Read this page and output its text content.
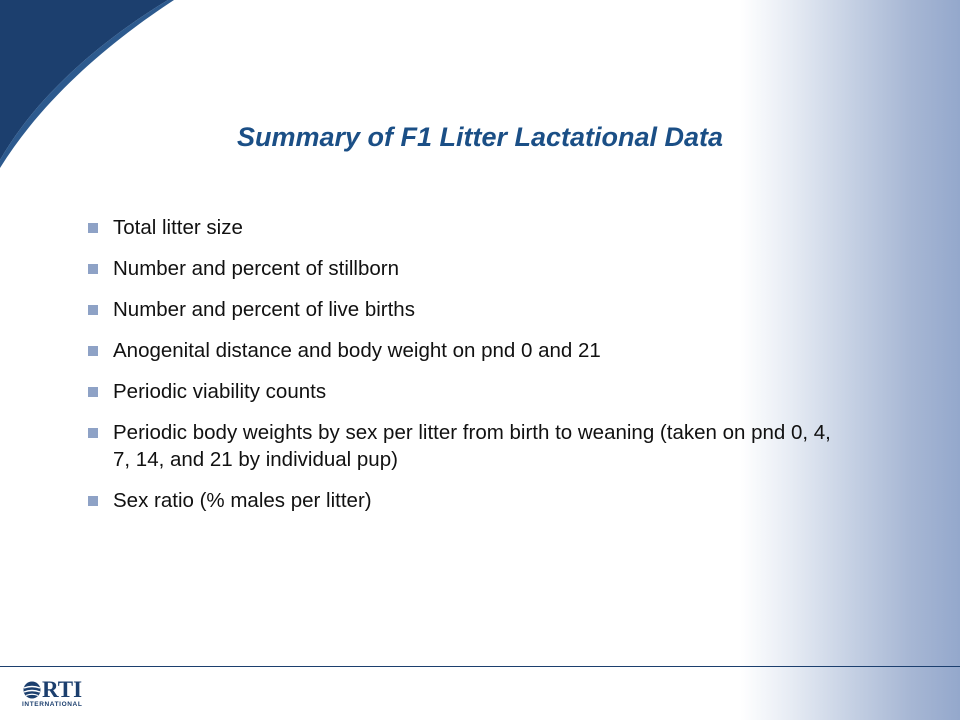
Summary of F1 Litter Lactational Data
Total litter size
Number and percent of stillborn
Number and percent of live births
Anogenital distance and body weight on pnd 0 and 21
Periodic viability counts
Periodic body weights by sex per litter from birth to weaning (taken on pnd 0, 4, 7, 14, and 21 by individual pup)
Sex ratio (% males per litter)
RTI
INTERNATIONAL
